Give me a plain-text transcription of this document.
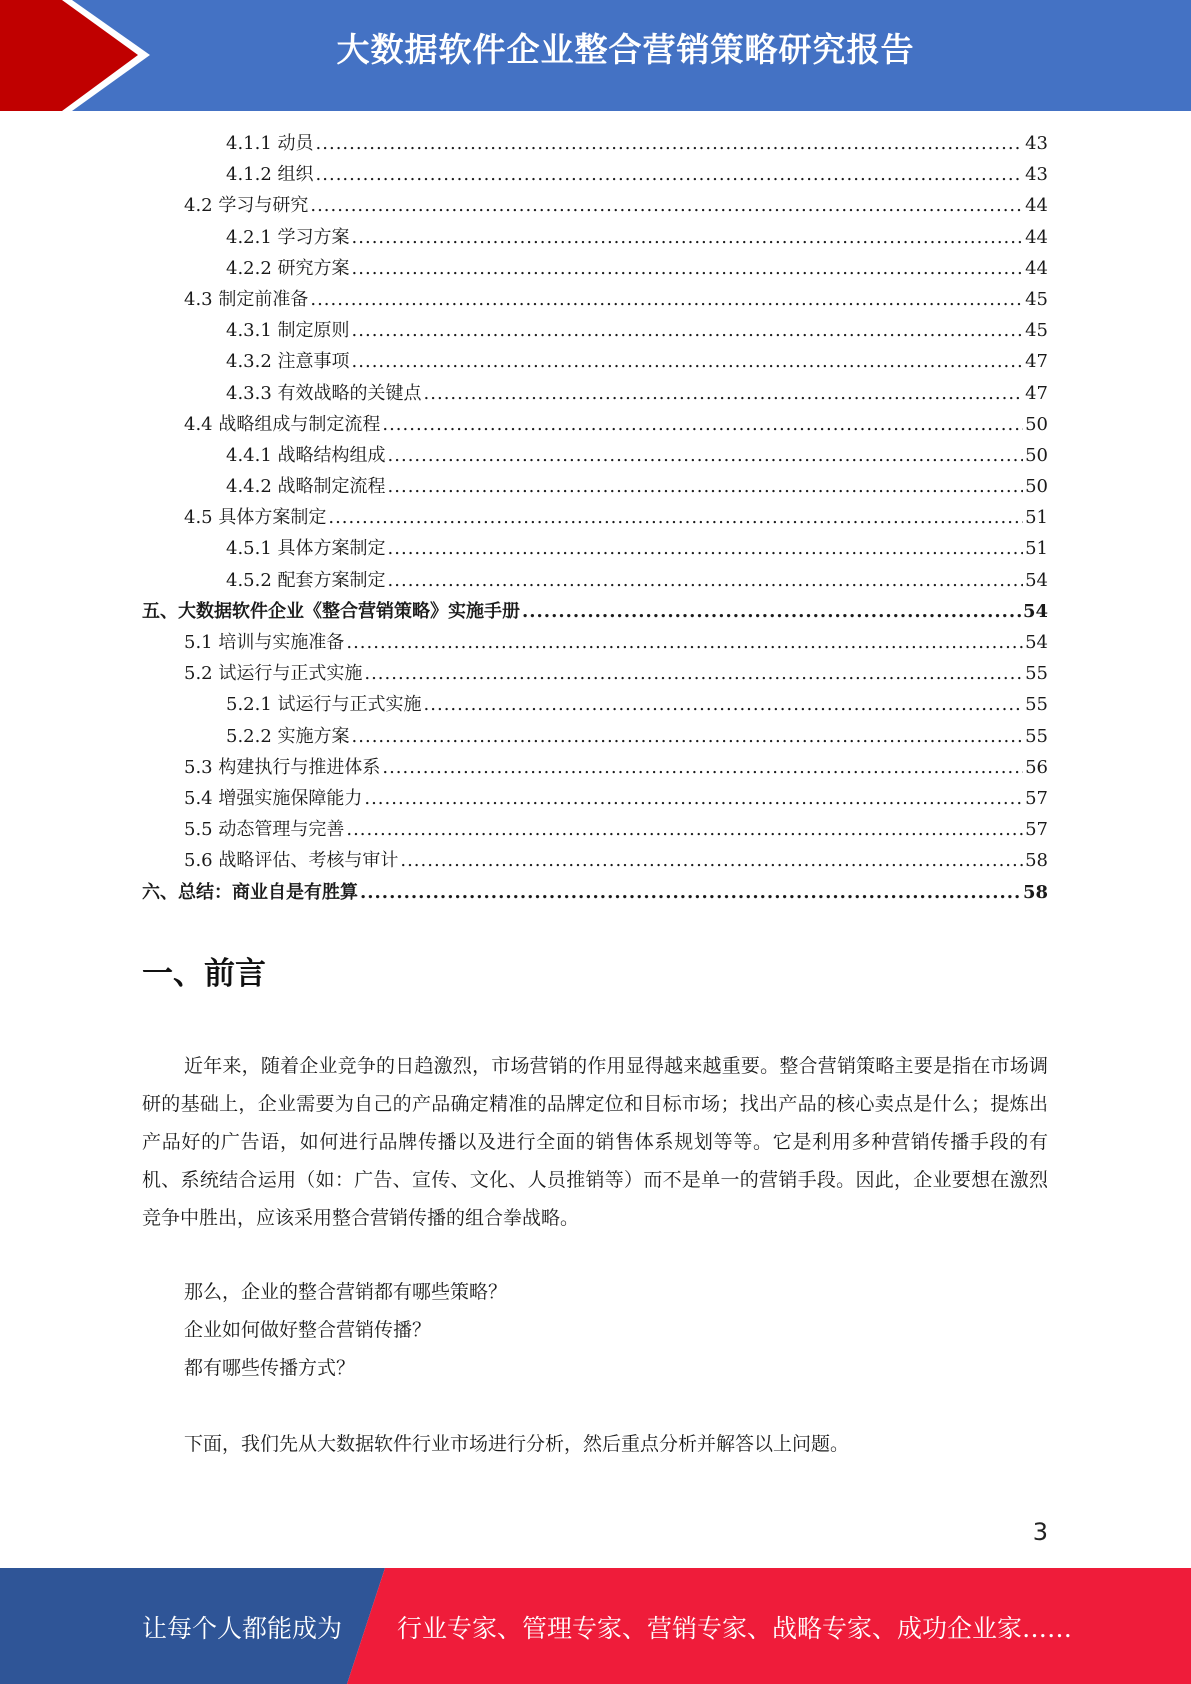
大数据软件企业整合营销策略研究报告
4.1.1 动员 .....	43
4.1.2 组织 .....	43
4.2 学习与研究 .....	44
4.2.1 学习方案 .....	44
4.2.2 研究方案 .....	44
4.3 制定前准备 .....	45
4.3.1 制定原则 .....	45
4.3.2 注意事项 .....	47
4.3.3 有效战略的关键点 .....	47
4.4 战略组成与制定流程 .....	50
4.4.1 战略结构组成 .....	50
4.4.2 战略制定流程 .....	50
4.5 具体方案制定 .....	51
4.5.1 具体方案制定 .....	51
4.5.2 配套方案制定 .....	54
五、大数据软件企业《整合营销策略》实施手册 .....	54
5.1 培训与实施准备 .....	54
5.2 试运行与正式实施 .....	55
5.2.1 试运行与正式实施 .....	55
5.2.2 实施方案 .....	55
5.3 构建执行与推进体系 .....	56
5.4 增强实施保障能力 .....	57
5.5 动态管理与完善 .....	57
5.6 战略评估、考核与审计 .....	58
六、总结：商业自是有胜算 .....	58
一、前言

近年来，随着企业竞争的日趋激烈，市场营销的作用显得越来越重要。整合营销策略主要是指在市场调研的基础上，企业需要为自己的产品确定精准的品牌定位和目标市场；找出产品的核心卖点是什么；提炼出产品好的广告语，如何进行品牌传播以及进行全面的销售体系规划等等。它是利用多种营销传播手段的有机、系统结合运用（如：广告、宣传、文化、人员推销等）而不是单一的营销手段。因此，企业要想在激烈竞争中胜出，应该采用整合营销传播的组合拳战略。

那么，企业的整合营销都有哪些策略？

企业如何做好整合营销传播？

都有哪些传播方式？

下面，我们先从大数据软件行业市场进行分析，然后重点分析并解答以上问题。

3
让每个人都能成为 行业专家、管理专家、营销专家、战略专家、成功企业家……
